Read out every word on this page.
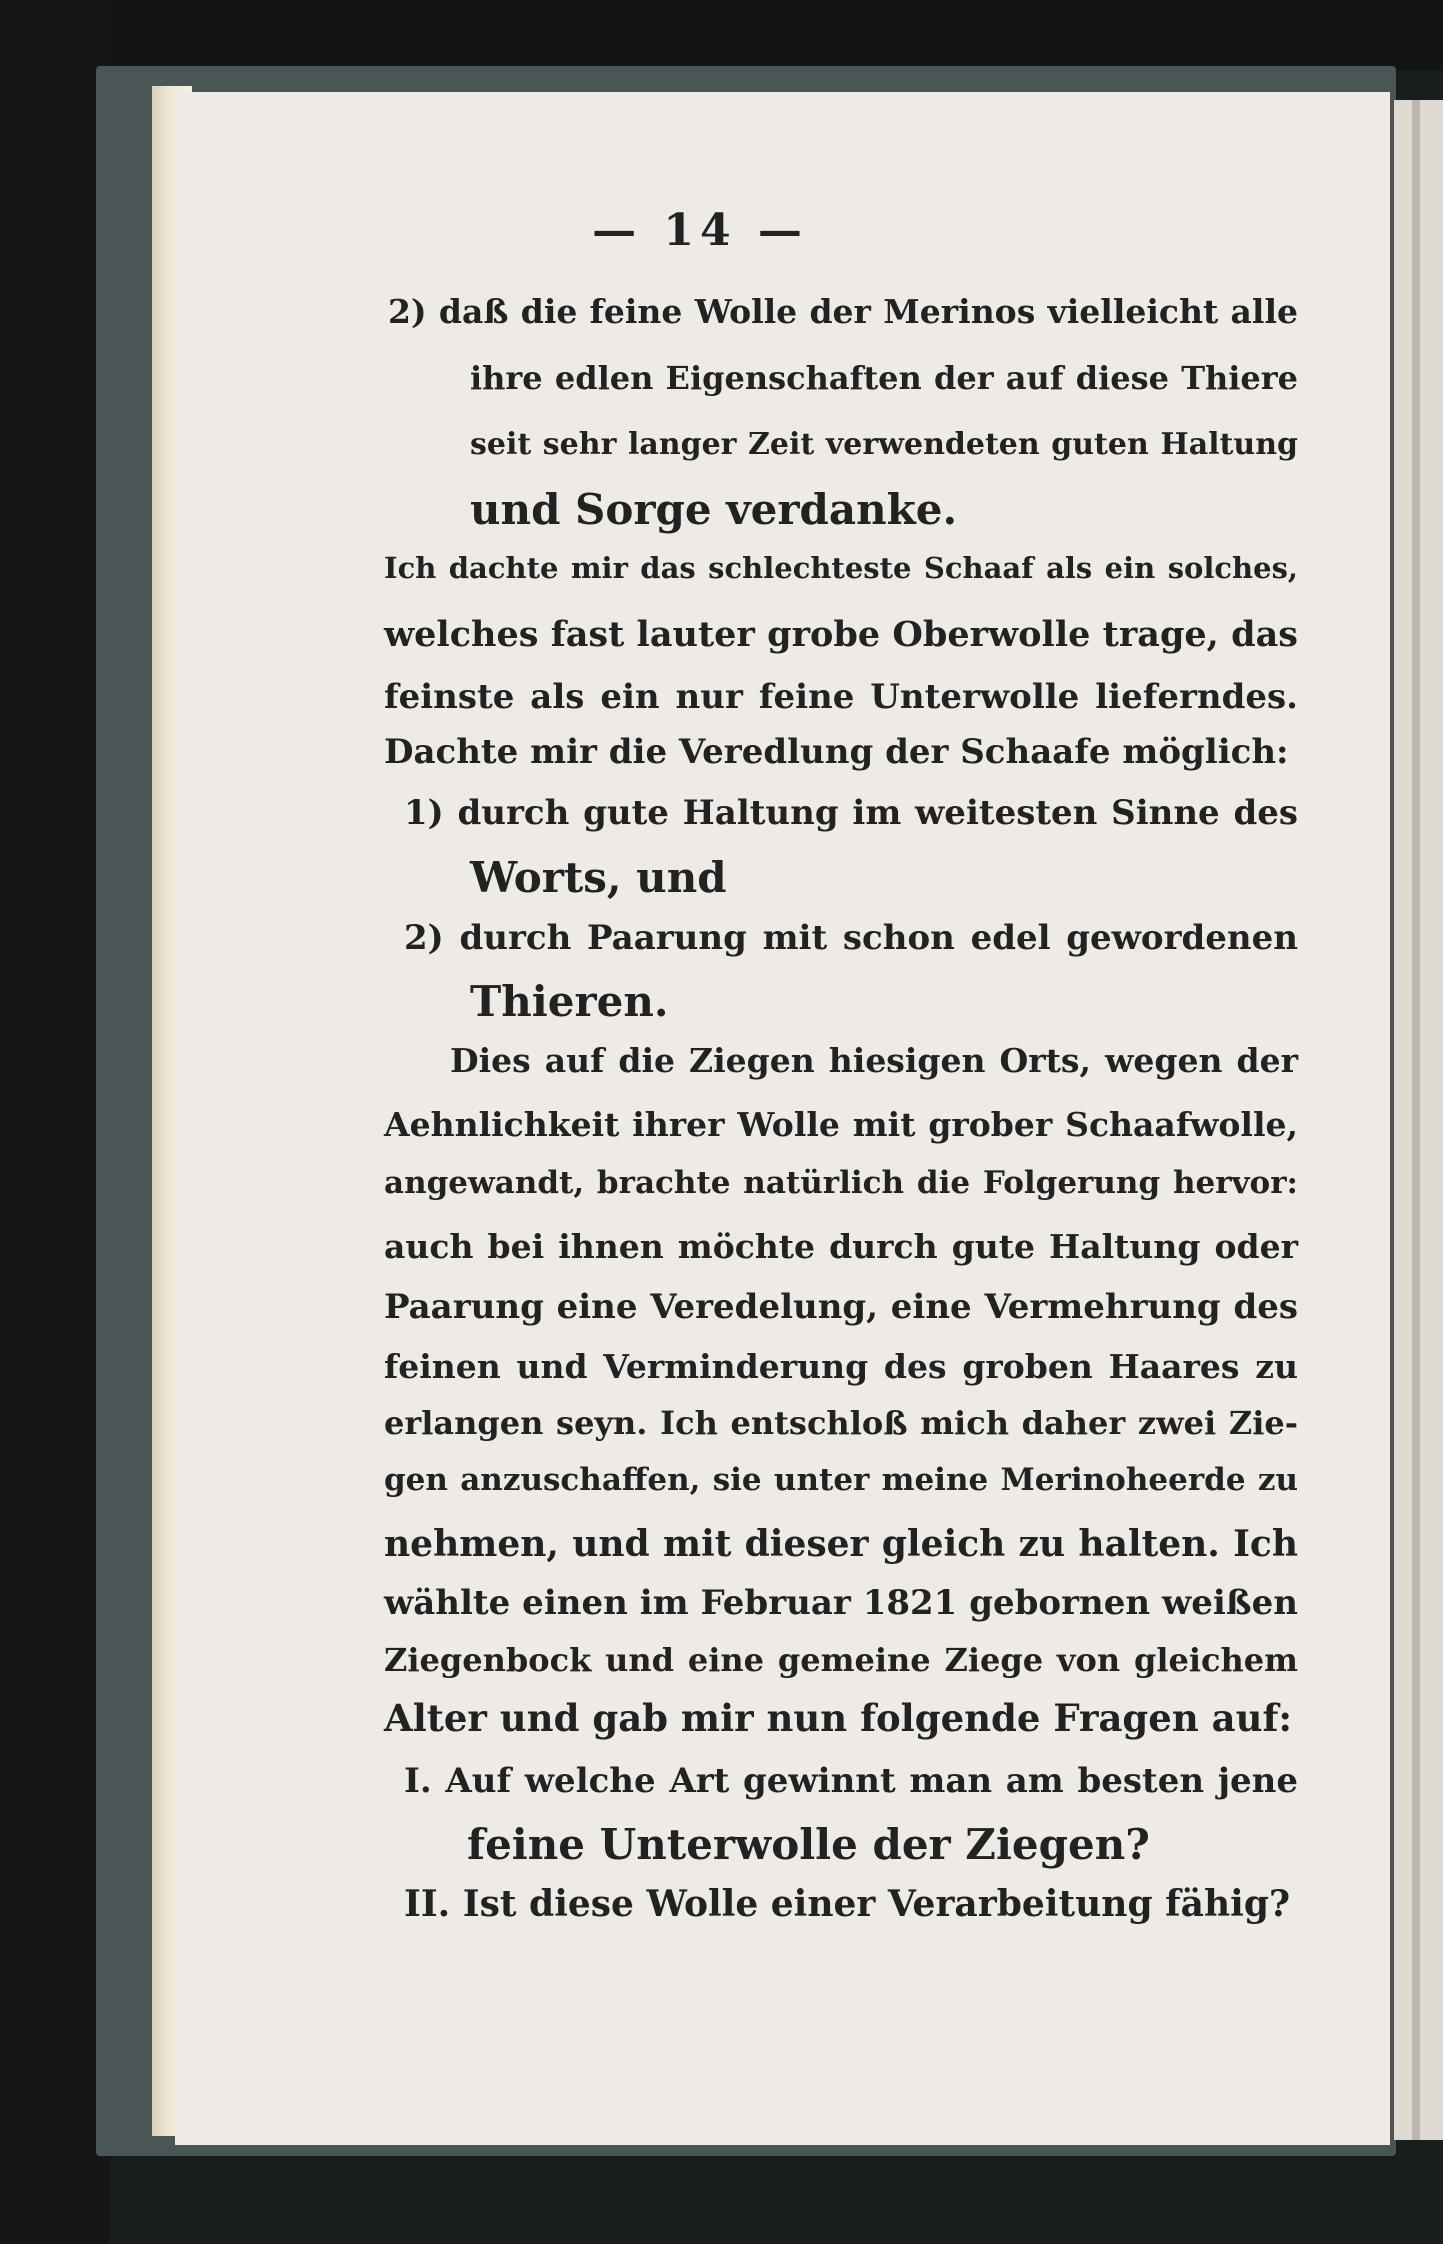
— 14 —
2) daß die feine Wolle der Merinos vielleicht alle
ihre edlen Eigenschaften der auf diese Thiere
seit sehr langer Zeit verwendeten guten Haltung
und Sorge verdanke.
Ich dachte mir das schlechteste Schaaf als ein solches,
welches fast lauter grobe Oberwolle trage, das
feinste als ein nur feine Unterwolle lieferndes.
Dachte mir die Veredlung der Schaafe möglich:
1) durch gute Haltung im weitesten Sinne des
Worts, und
2) durch Paarung mit schon edel gewordenen
Thieren.
Dies auf die Ziegen hiesigen Orts, wegen der
Aehnlichkeit ihrer Wolle mit grober Schaafwolle,
angewandt, brachte natürlich die Folgerung hervor:
auch bei ihnen möchte durch gute Haltung oder
Paarung eine Veredelung, eine Vermehrung des
feinen und Verminderung des groben Haares zu
erlangen seyn. Ich entschloß mich daher zwei Zie-
gen anzuschaffen, sie unter meine Merinoheerde zu
nehmen, und mit dieser gleich zu halten. Ich
wählte einen im Februar 1821 gebornen weißen
Ziegenbock und eine gemeine Ziege von gleichem
Alter und gab mir nun folgende Fragen auf:
I. Auf welche Art gewinnt man am besten jene
feine Unterwolle der Ziegen?
II. Ist diese Wolle einer Verarbeitung fähig?
